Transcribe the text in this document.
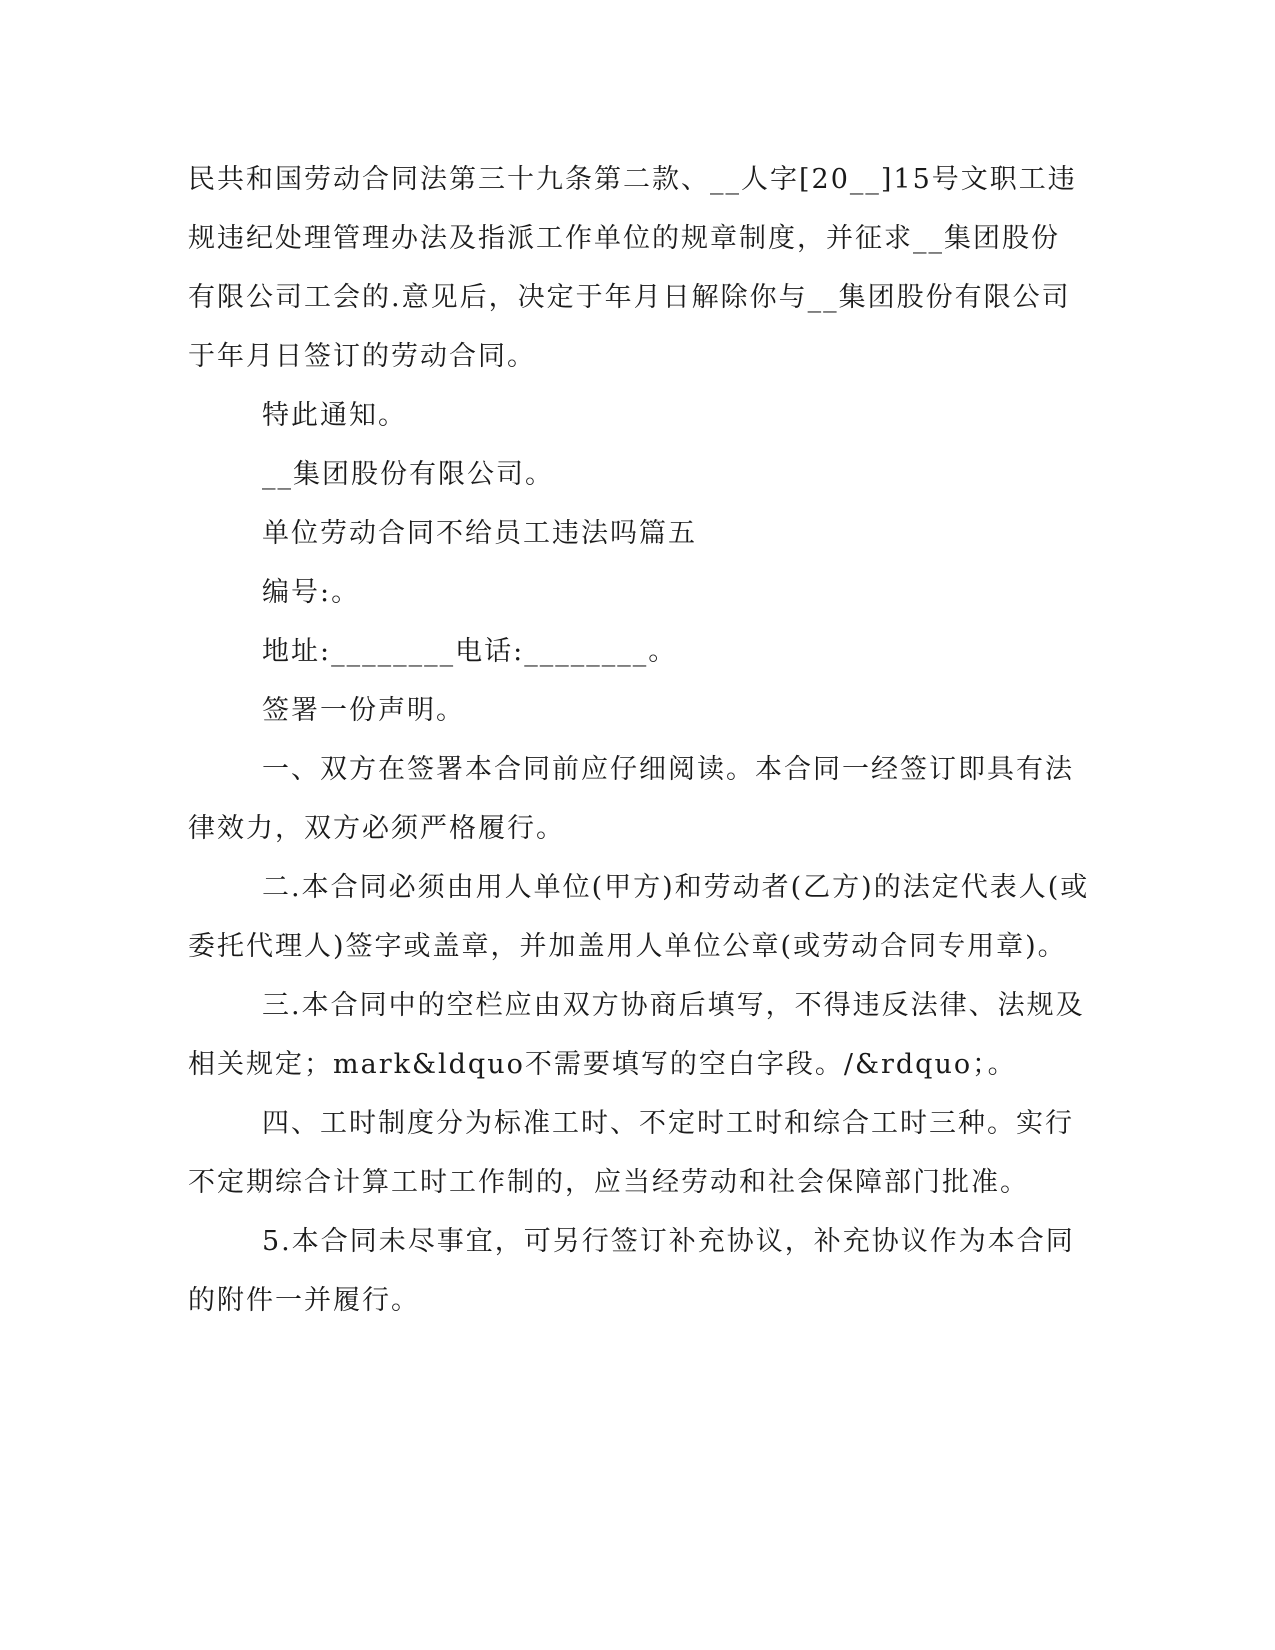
民共和国劳动合同法第三十九条第二款、__人字[20__]15号文职工违
规违纪处理管理办法及指派工作单位的规章制度，并征求__集团股份
有限公司工会的.意见后，决定于年月日解除你与__集团股份有限公司
于年月日签订的劳动合同。
特此通知。
__集团股份有限公司。
单位劳动合同不给员工违法吗篇五
编号:。
地址:________电话:________。
签署一份声明。
一、双方在签署本合同前应仔细阅读。本合同一经签订即具有法
律效力，双方必须严格履行。
二.本合同必须由用人单位(甲方)和劳动者(乙方)的法定代表人(或
委托代理人)签字或盖章，并加盖用人单位公章(或劳动合同专用章)。
三.本合同中的空栏应由双方协商后填写，不得违反法律、法规及
相关规定；mark&ldquo不需要填写的空白字段。/&rdquo；。
四、工时制度分为标准工时、不定时工时和综合工时三种。实行
不定期综合计算工时工作制的，应当经劳动和社会保障部门批准。
5.本合同未尽事宜，可另行签订补充协议，补充协议作为本合同
的附件一并履行。
